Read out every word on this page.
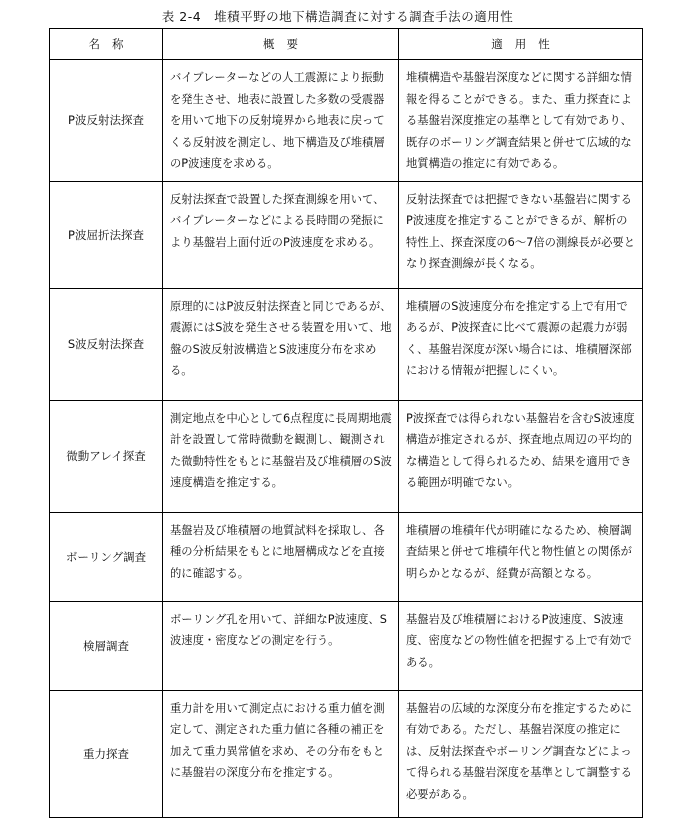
表 2-4　堆積平野の地下構造調査に対する調査手法の適用性
名称	概要	適用性
P波反射法探査	バイブレーターなどの人工震源により振動を発生させ、地表に設置した多数の受震器を用いて地下の反射境界から地表に戻ってくる反射波を測定し、地下構造及び堆積層のP波速度を求める。	堆積構造や基盤岩深度などに関する詳細な情報を得ることができる。また、重力探査による基盤岩深度推定の基準として有効であり、既存のボーリング調査結果と併せて広域的な地質構造の推定に有効である。
P波屈折法探査	反射法探査で設置した探査測線を用いて、バイブレーターなどによる長時間の発振により基盤岩上面付近のP波速度を求める。	反射法探査では把握できない基盤岩に関するP波速度を推定することができるが、解析の特性上、探査深度の6～7倍の測線長が必要となり探査測線が長くなる。
S波反射法探査	原理的にはP波反射法探査と同じであるが、震源にはS波を発生させる装置を用いて、地盤のS波反射波構造とS波速度分布を求める。	堆積層のS波速度分布を推定する上で有用であるが、P波探査に比べて震源の起震力が弱く、基盤岩深度が深い場合には、堆積層深部における情報が把握しにくい。
微動アレイ探査	測定地点を中心として6点程度に長周期地震計を設置して常時微動を観測し、観測された微動特性をもとに基盤岩及び堆積層のS波速度構造を推定する。	P波探査では得られない基盤岩を含むS波速度構造が推定されるが、探査地点周辺の平均的な構造として得られるため、結果を適用できる範囲が明確でない。
ボーリング調査	基盤岩及び堆積層の地質試料を採取し、各種の分析結果をもとに地層構成などを直接的に確認する。	堆積層の堆積年代が明確になるため、検層調査結果と併せて堆積年代と物性値との関係が明らかとなるが、経費が高額となる。
検層調査	ボーリング孔を用いて、詳細なP波速度、S波速度・密度などの測定を行う。	基盤岩及び堆積層におけるP波速度、S波速度、密度などの物性値を把握する上で有効である。
重力探査	重力計を用いて測定点における重力値を測定して、測定された重力値に各種の補正を加えて重力異常値を求め、その分布をもとに基盤岩の深度分布を推定する。	基盤岩の広域的な深度分布を推定するために有効である。ただし、基盤岩深度の推定には、反射法探査やボーリング調査などによって得られる基盤岩深度を基準として調整する必要がある。
